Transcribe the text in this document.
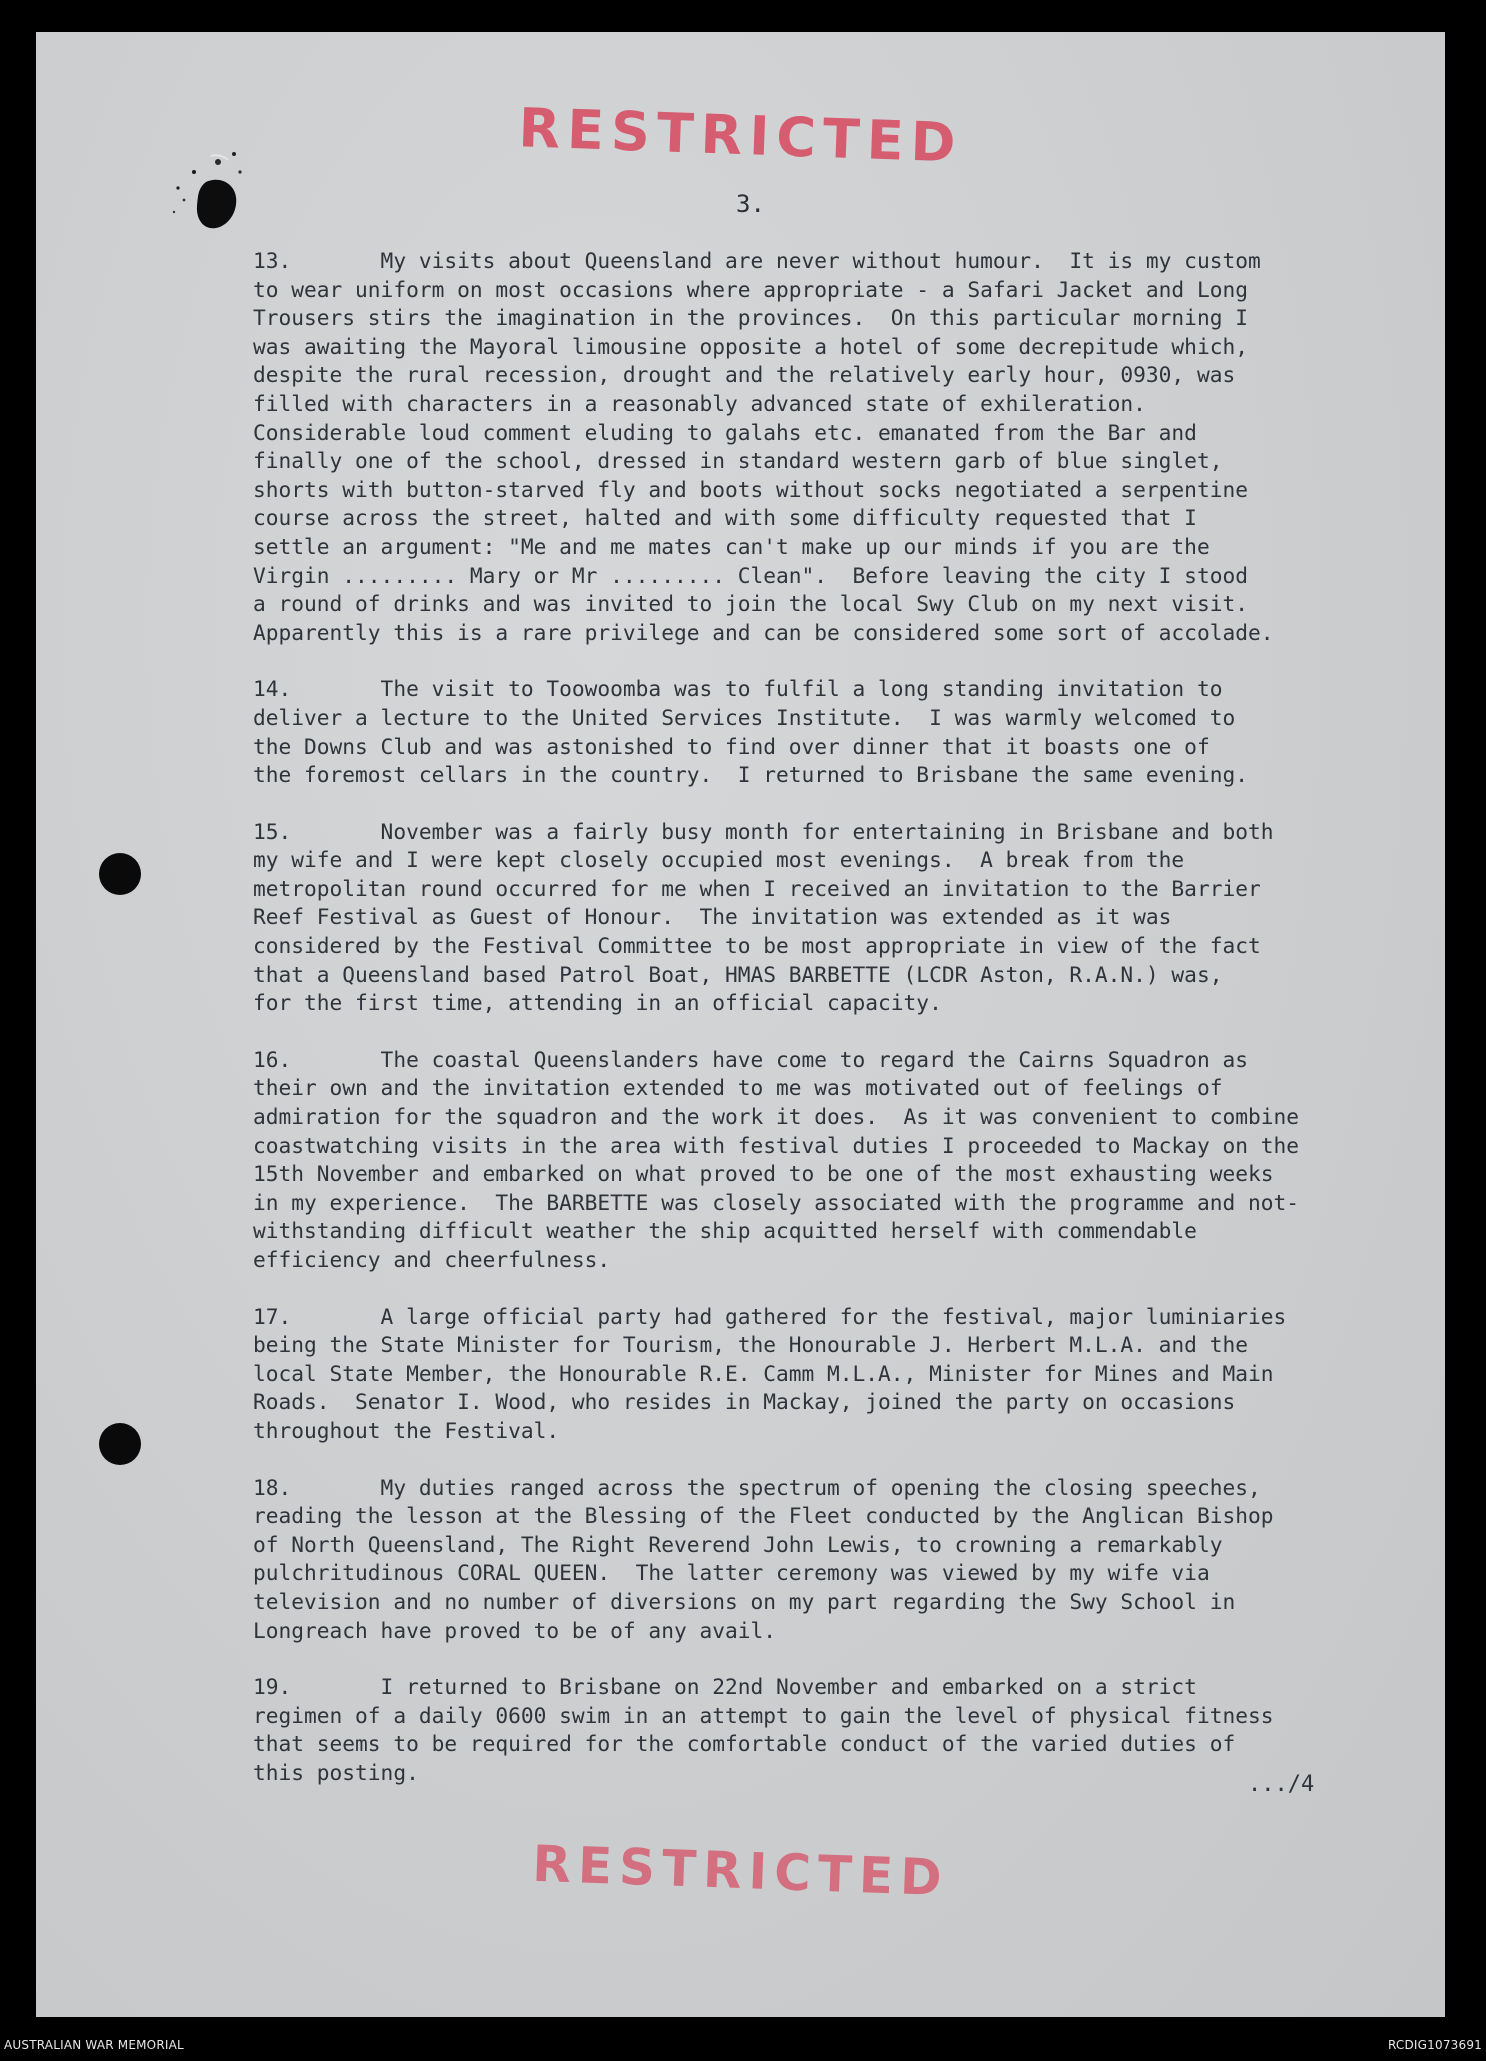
RESTRICTED
3.
13.       My visits about Queensland are never without humour.  It is my custom
to wear uniform on most occasions where appropriate - a Safari Jacket and Long
Trousers stirs the imagination in the provinces.  On this particular morning I
was awaiting the Mayoral limousine opposite a hotel of some decrepitude which,
despite the rural recession, drought and the relatively early hour, 0930, was
filled with characters in a reasonably advanced state of exhileration.
Considerable loud comment eluding to galahs etc. emanated from the Bar and
finally one of the school, dressed in standard western garb of blue singlet,
shorts with button-starved fly and boots without socks negotiated a serpentine
course across the street, halted and with some difficulty requested that I
settle an argument: "Me and me mates can't make up our minds if you are the
Virgin ......... Mary or Mr ......... Clean".  Before leaving the city I stood
a round of drinks and was invited to join the local Swy Club on my next visit.
Apparently this is a rare privilege and can be considered some sort of accolade.
14.       The visit to Toowoomba was to fulfil a long standing invitation to
deliver a lecture to the United Services Institute.  I was warmly welcomed to
the Downs Club and was astonished to find over dinner that it boasts one of
the foremost cellars in the country.  I returned to Brisbane the same evening.
15.       November was a fairly busy month for entertaining in Brisbane and both
my wife and I were kept closely occupied most evenings.  A break from the
metropolitan round occurred for me when I received an invitation to the Barrier
Reef Festival as Guest of Honour.  The invitation was extended as it was
considered by the Festival Committee to be most appropriate in view of the fact
that a Queensland based Patrol Boat, HMAS BARBETTE (LCDR Aston, R.A.N.) was,
for the first time, attending in an official capacity.
16.       The coastal Queenslanders have come to regard the Cairns Squadron as
their own and the invitation extended to me was motivated out of feelings of
admiration for the squadron and the work it does.  As it was convenient to combine
coastwatching visits in the area with festival duties I proceeded to Mackay on the
15th November and embarked on what proved to be one of the most exhausting weeks
in my experience.  The BARBETTE was closely associated with the programme and not-
withstanding difficult weather the ship acquitted herself with commendable
efficiency and cheerfulness.
17.       A large official party had gathered for the festival, major luminiaries
being the State Minister for Tourism, the Honourable J. Herbert M.L.A. and the
local State Member, the Honourable R.E. Camm M.L.A., Minister for Mines and Main
Roads.  Senator I. Wood, who resides in Mackay, joined the party on occasions
throughout the Festival.
18.       My duties ranged across the spectrum of opening the closing speeches,
reading the lesson at the Blessing of the Fleet conducted by the Anglican Bishop
of North Queensland, The Right Reverend John Lewis, to crowning a remarkably
pulchritudinous CORAL QUEEN.  The latter ceremony was viewed by my wife via
television and no number of diversions on my part regarding the Swy School in
Longreach have proved to be of any avail.
19.       I returned to Brisbane on 22nd November and embarked on a strict
regimen of a daily 0600 swim in an attempt to gain the level of physical fitness
that seems to be required for the comfortable conduct of the varied duties of
this posting.	.../4
RESTRICTED
AUSTRALIAN WAR MEMORIAL	RCDIG1073691
